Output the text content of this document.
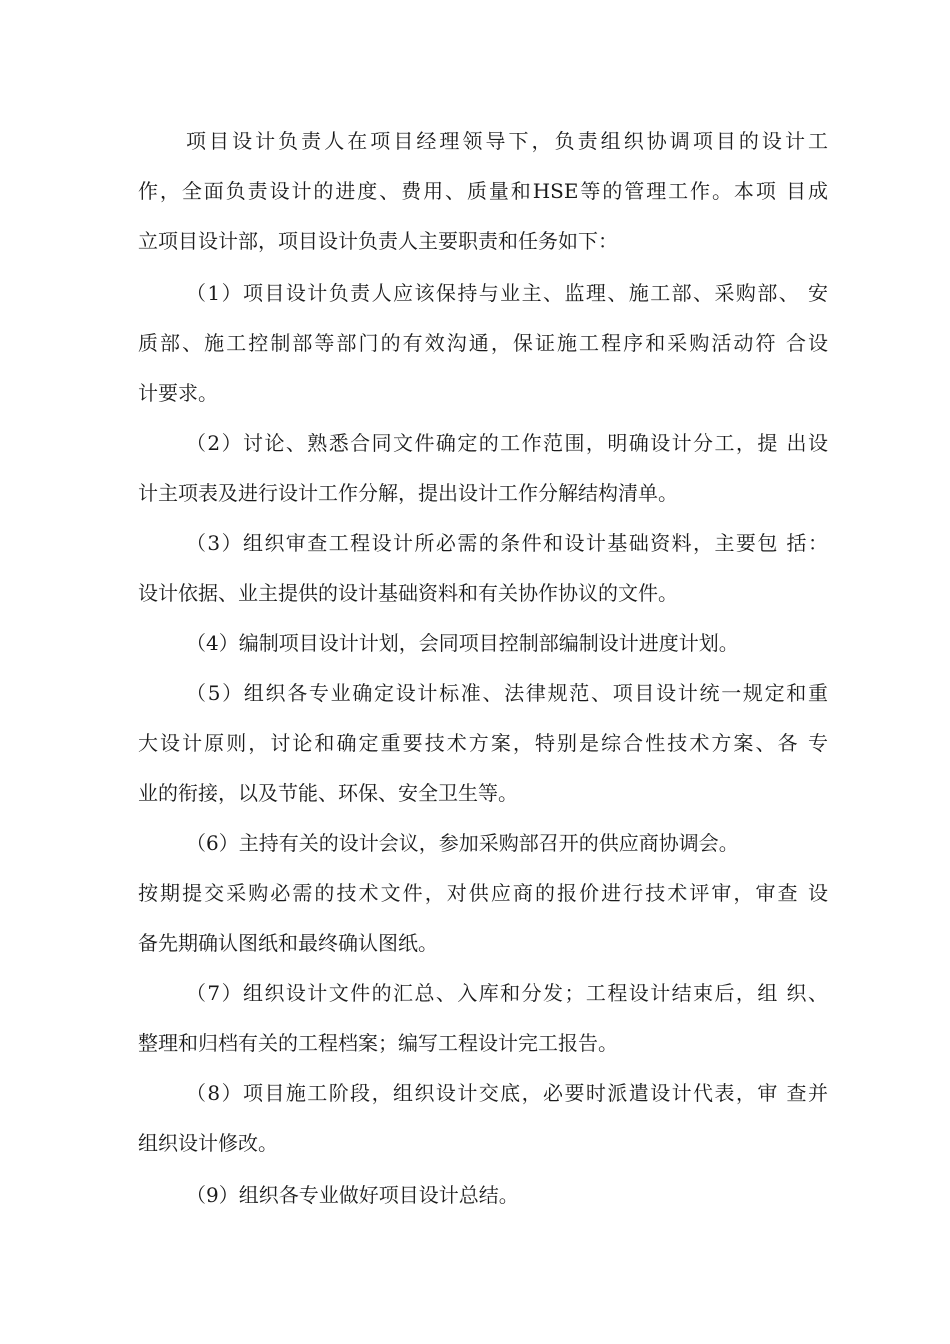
项目设计负责人在项目经理领导下，负责组织协调项目的设计工
作，全面负责设计的进度、费用、质量和HSE等的管理工作。本项 目成
立项目设计部，项目设计负责人主要职责和任务如下：
（1）项目设计负责人应该保持与业主、监理、施工部、采购部、 安
质部、施工控制部等部门的有效沟通，保证施工程序和采购活动符 合设
计要求。
（2）讨论、熟悉合同文件确定的工作范围，明确设计分工，提 出设
计主项表及进行设计工作分解，提出设计工作分解结构清单。
（3）组织审查工程设计所必需的条件和设计基础资料，主要包 括：
设计依据、业主提供的设计基础资料和有关协作协议的文件。
（4）编制项目设计计划，会同项目控制部编制设计进度计划。
（5）组织各专业确定设计标准、法律规范、项目设计统一规定和重
大设计原则，讨论和确定重要技术方案，特别是综合性技术方案、各 专
业的衔接，以及节能、环保、安全卫生等。
（6）主持有关的设计会议，参加采购部召开的供应商协调会。
按期提交采购必需的技术文件，对供应商的报价进行技术评审，审查 设
备先期确认图纸和最终确认图纸。
（7）组织设计文件的汇总、入库和分发；工程设计结束后，组 织、
整理和归档有关的工程档案；编写工程设计完工报告。
（8）项目施工阶段，组织设计交底，必要时派遣设计代表，审 查并
组织设计修改。
（9）组织各专业做好项目设计总结。
